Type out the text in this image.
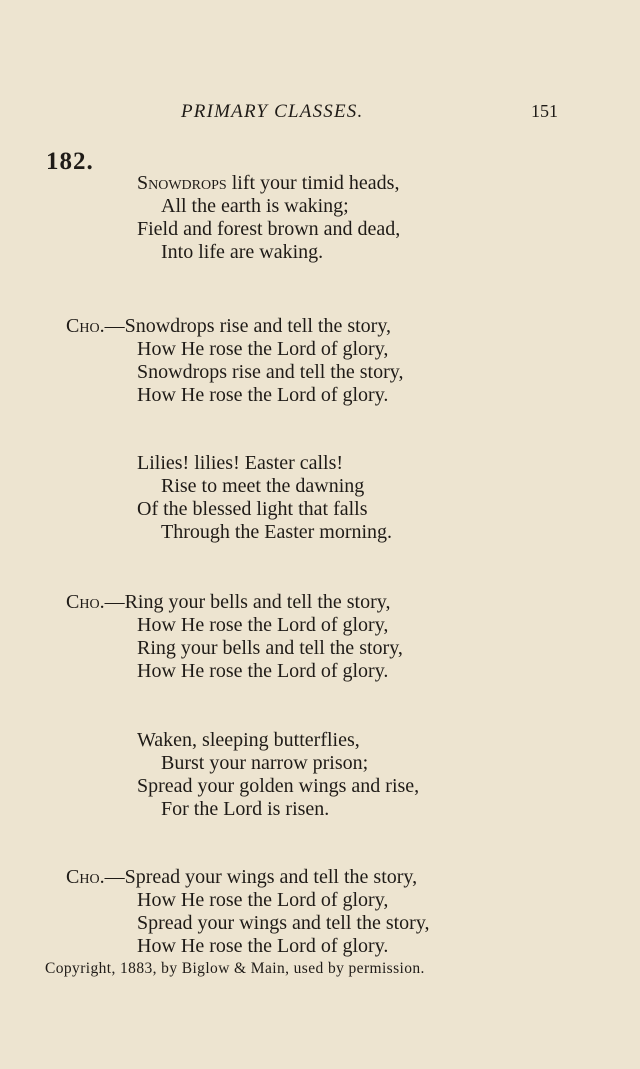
PRIMARY CLASSES.	151
182.
Snowdrops lift your timid heads,
All the earth is waking;
Field and forest brown and dead,
Into life are waking.
Cho.—Snowdrops rise and tell the story,
How He rose the Lord of glory,
Snowdrops rise and tell the story,
How He rose the Lord of glory.
Lilies! lilies! Easter calls!
Rise to meet the dawning
Of the blessed light that falls
Through the Easter morning.
Cho.—Ring your bells and tell the story,
How He rose the Lord of glory,
Ring your bells and tell the story,
How He rose the Lord of glory.
Waken, sleeping butterflies,
Burst your narrow prison;
Spread your golden wings and rise,
For the Lord is risen.
Cho.—Spread your wings and tell the story,
How He rose the Lord of glory,
Spread your wings and tell the story,
How He rose the Lord of glory.
Copyright, 1883, by Biglow & Main, used by permission.
